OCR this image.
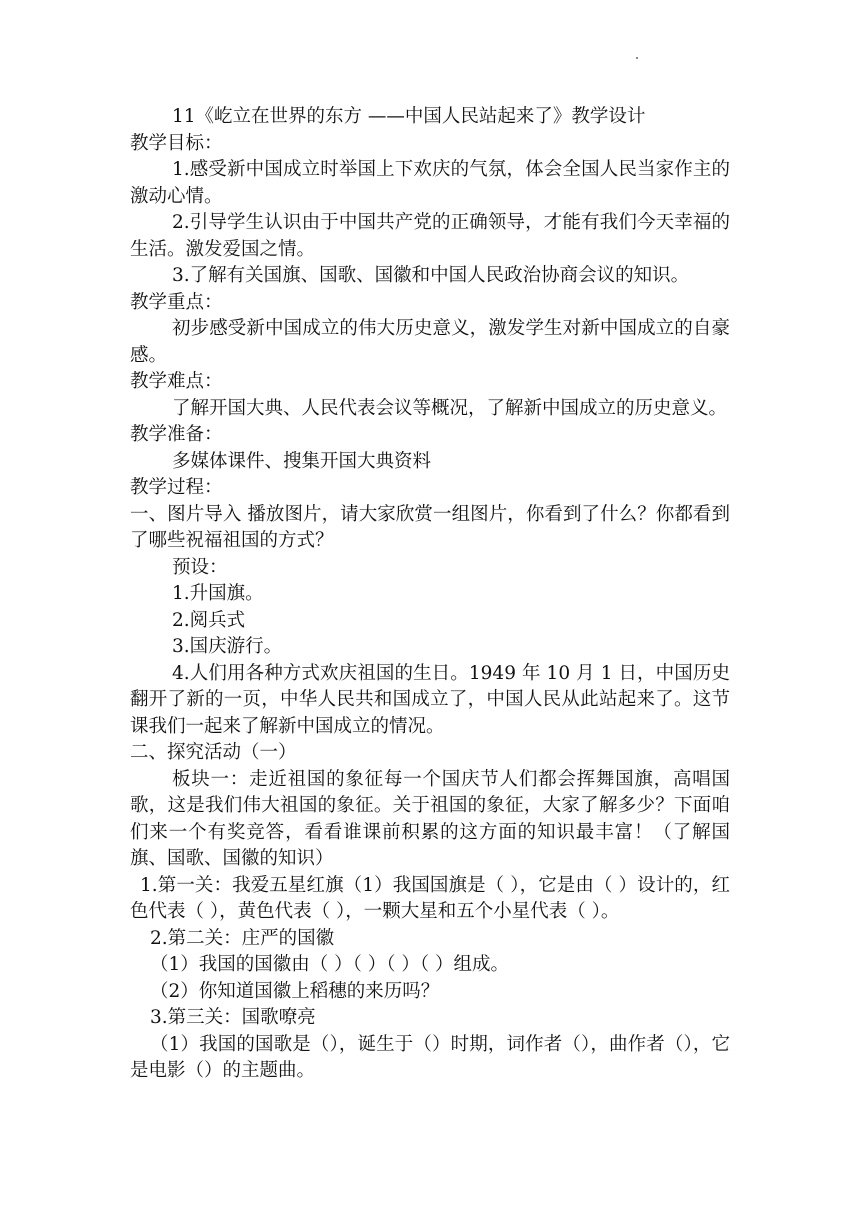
11《屹立在世界的东方 ——中国人民站起来了》教学设计
教学目标：
1.感受新中国成立时举国上下欢庆的气氛，体会全国人民当家作主的激动心情。
2.引导学生认识由于中国共产党的正确领导，才能有我们今天幸福的生活。激发爱国之情。
3.了解有关国旗、国歌、国徽和中国人民政治协商会议的知识。
教学重点：
初步感受新中国成立的伟大历史意义，激发学生对新中国成立的自豪感。
教学难点：
了解开国大典、人民代表会议等概况，了解新中国成立的历史意义。
教学准备：
多媒体课件、搜集开国大典资料
教学过程：
一、图片导入 播放图片，请大家欣赏一组图片，你看到了什么？你都看到了哪些祝福祖国的方式？
预设：
1.升国旗。
2.阅兵式
3.国庆游行。
4.人们用各种方式欢庆祖国的生日。1949 年 10 月 1 日，中国历史翻开了新的一页，中华人民共和国成立了，中国人民从此站起来了。这节课我们一起来了解新中国成立的情况。
二、探究活动（一）
板块一：走近祖国的象征每一个国庆节人们都会挥舞国旗，高唱国歌，这是我们伟大祖国的象征。关于祖国的象征，大家了解多少？下面咱们来一个有奖竞答，看看谁课前积累的这方面的知识最丰富！（了解国旗、国歌、国徽的知识）
1.第一关：我爱五星红旗（1）我国国旗是（ ），它是由（ ）设计的，红色代表（ ），黄色代表（ ），一颗大星和五个小星代表（ ）。
2.第二关：庄严的国徽
（1）我国的国徽由（ ）（ ）（ ）（ ）组成。
（2）你知道国徽上稻穗的来历吗？
3.第三关：国歌嘹亮
（1）我国的国歌是（），诞生于（）时期，词作者（），曲作者（），它是电影（）的主题曲。
